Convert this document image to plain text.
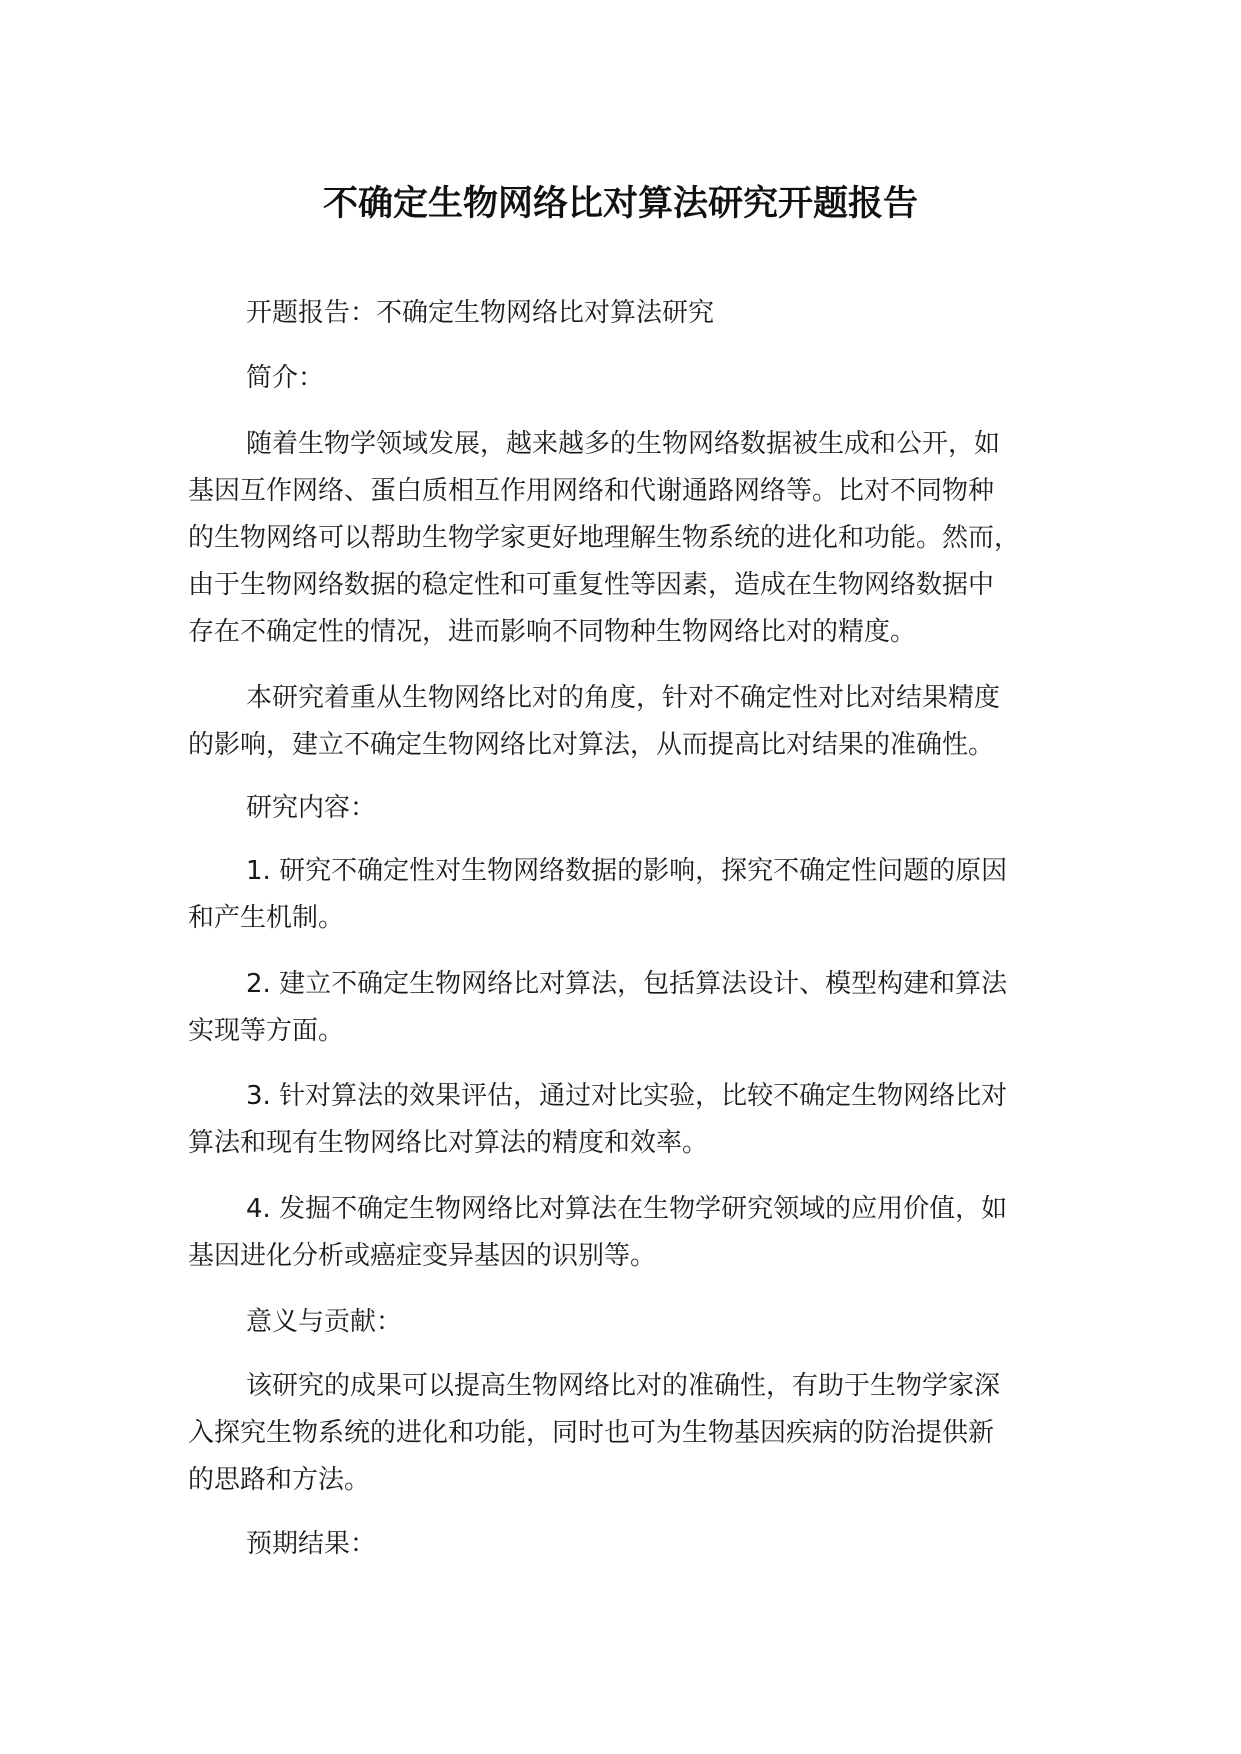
不确定生物网络比对算法研究开题报告

开题报告：不确定生物网络比对算法研究

简介：

随着生物学领域发展，越来越多的生物网络数据被生成和公开，如
基因互作网络、蛋白质相互作用网络和代谢通路网络等。比对不同物种
的生物网络可以帮助生物学家更好地理解生物系统的进化和功能。然而，
由于生物网络数据的稳定性和可重复性等因素，造成在生物网络数据中
存在不确定性的情况，进而影响不同物种生物网络比对的精度。

本研究着重从生物网络比对的角度，针对不确定性对比对结果精度
的影响，建立不确定生物网络比对算法，从而提高比对结果的准确性。

研究内容：

1. 研究不确定性对生物网络数据的影响，探究不确定性问题的原因
和产生机制。

2. 建立不确定生物网络比对算法，包括算法设计、模型构建和算法
实现等方面。

3. 针对算法的效果评估，通过对比实验，比较不确定生物网络比对
算法和现有生物网络比对算法的精度和效率。

4. 发掘不确定生物网络比对算法在生物学研究领域的应用价值，如
基因进化分析或癌症变异基因的识别等。

意义与贡献：

该研究的成果可以提高生物网络比对的准确性，有助于生物学家深
入探究生物系统的进化和功能，同时也可为生物基因疾病的防治提供新
的思路和方法。

预期结果：
